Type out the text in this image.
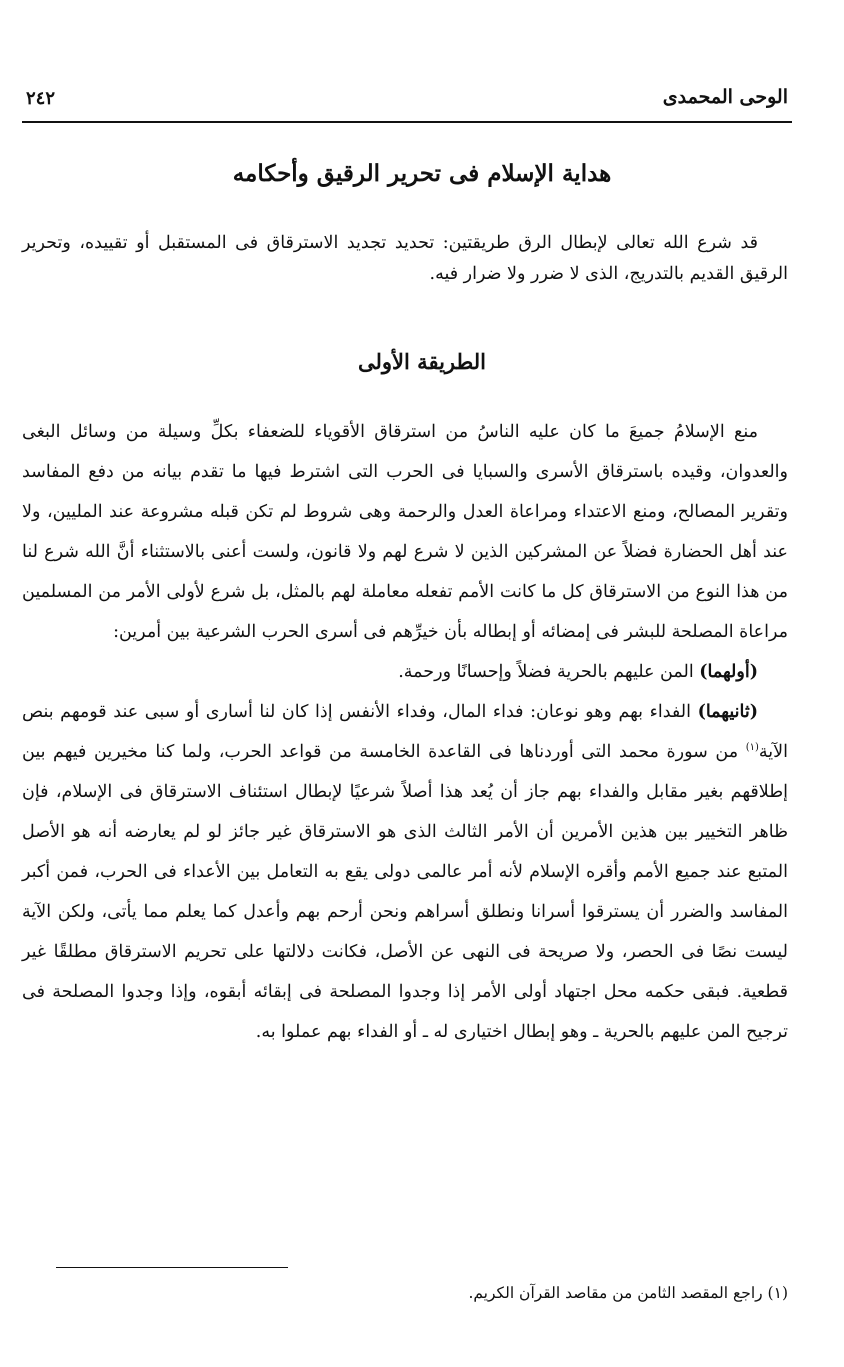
الوحى المحمدى
٢٤٢
هداية الإسلام فى تحرير الرقيق وأحكامه

قد شرع الله تعالى لإبطال الرق طريقتين: تحديد تجديد الاسترقاق فى المستقبل أو تقييده، وتحرير الرقيق القديم بالتدريج، الذى لا ضرر ولا ضرار فيه.

الطريقة الأولى

منع الإسلامُ جميعَ ما كان عليه الناسُ من استرقاق الأقوياء للضعفاء بكلِّ وسيلة من وسائل البغى والعدوان، وقيده باسترقاق الأسرى والسبايا فى الحرب التى اشترط فيها ما تقدم بيانه من دفع المفاسد وتقرير المصالح، ومنع الاعتداء ومراعاة العدل والرحمة وهى شروط لم تكن قبله مشروعة عند المليين، ولا عند أهل الحضارة فضلاً عن المشركين الذين لا شرع لهم ولا قانون، ولست أعنى بالاستثناء أنَّ الله شرع لنا من هذا النوع من الاسترقاق كل ما كانت الأمم تفعله معاملة لهم بالمثل، بل شرع لأولى الأمر من المسلمين مراعاة المصلحة للبشر فى إمضائه أو إبطاله بأن خيرِّهم فى أسرى الحرب الشرعية بين أمرين:

(أولهما) المن عليهم بالحرية فضلاً وإحسانًا ورحمة.

(ثانيهما) الفداء بهم وهو نوعان: فداء المال، وفداء الأنفس إذا كان لنا أسارى أو سبى عند قومهم بنص الآية$^{(١)}$ من سورة محمد التى أوردناها فى القاعدة الخامسة من قواعد الحرب، ولما كنا مخيرين فيهم بين إطلاقهم بغير مقابل والفداء بهم جاز أن يُعد هذا أصلاً شرعيًا لإبطال استئناف الاسترقاق فى الإسلام، فإن ظاهر التخيير بين هذين الأمرين أن الأمر الثالث الذى هو الاسترقاق غير جائز لو لم يعارضه أنه هو الأصل المتبع عند جميع الأمم وأقره الإسلام لأنه أمر عالمى دولى يقع به التعامل بين الأعداء فى الحرب، فمن أكبر المفاسد والضرر أن يسترقوا أسرانا ونطلق أسراهم ونحن أرحم بهم وأعدل كما يعلم مما يأتى، ولكن الآية ليست نصًا فى الحصر، ولا صريحة فى النهى عن الأصل، فكانت دلالتها على تحريم الاسترقاق مطلقًا غير قطعية. فبقى حكمه محل اجتهاد أولى الأمر إذا وجدوا المصلحة فى إبقائه أبقوه، وإذا وجدوا المصلحة فى ترجيح المن عليهم بالحرية ـ وهو إبطال اختيارى له ـ أو الفداء بهم عملوا به.

(١) راجع المقصد الثامن من مقاصد القرآن الكريم.
